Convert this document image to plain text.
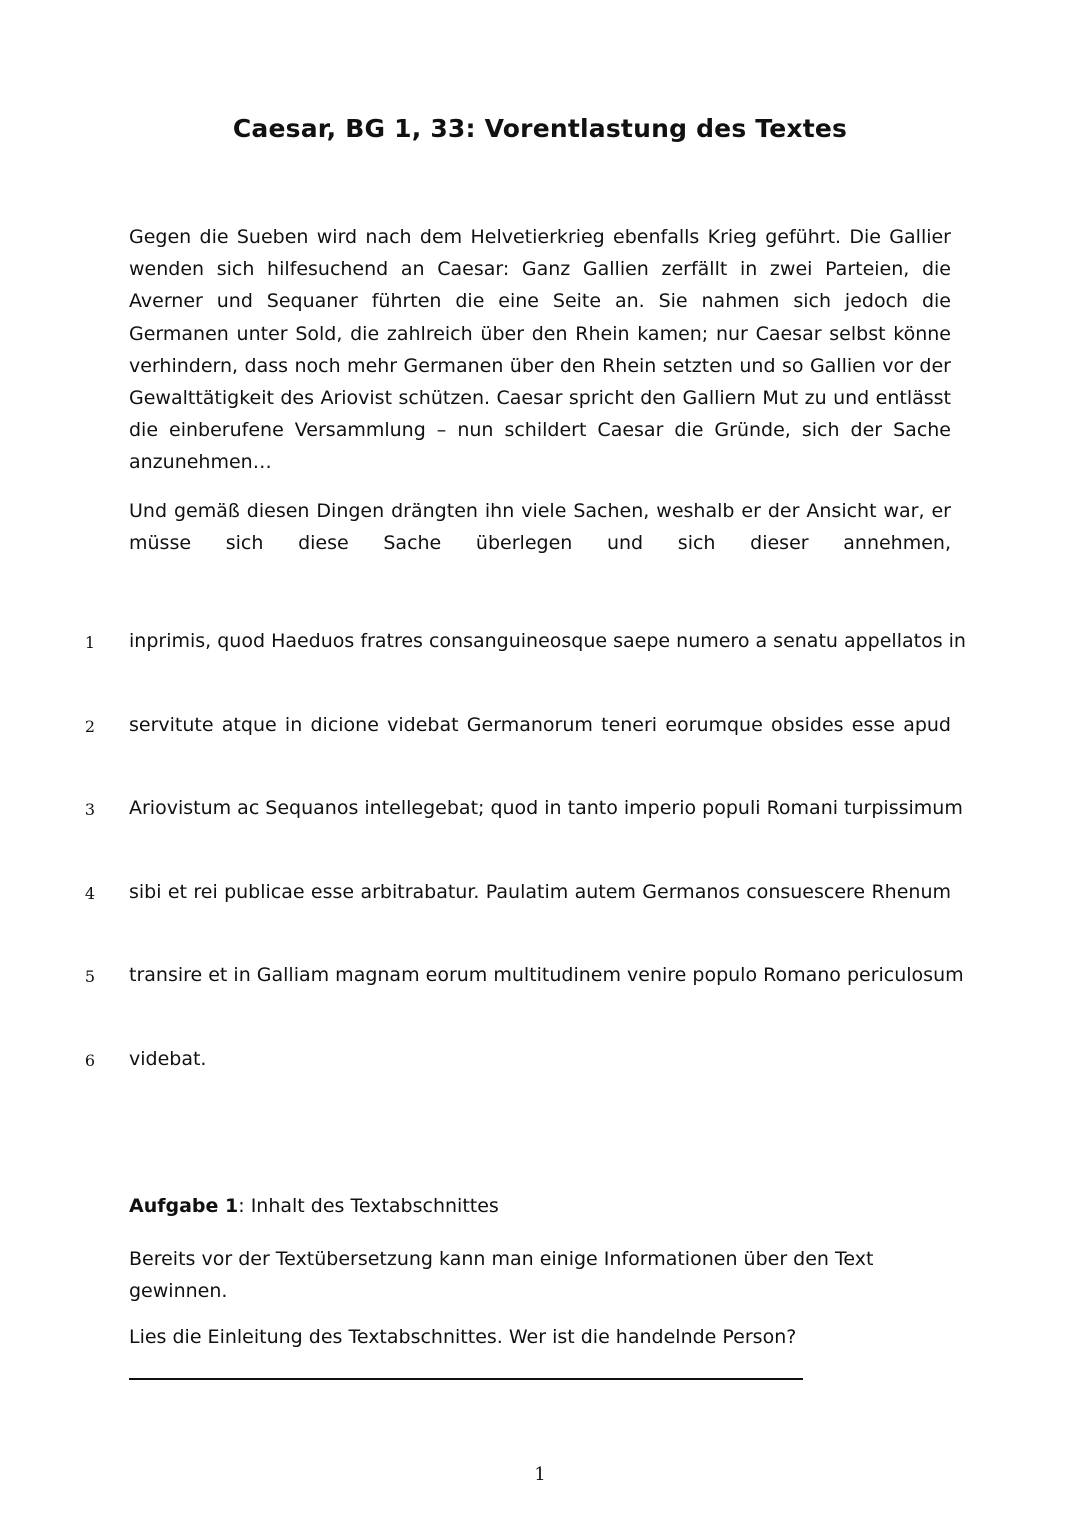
Caesar, BG 1, 33: Vorentlastung des Textes
Gegen die Sueben wird nach dem Helvetierkrieg ebenfalls Krieg geführt. Die Gallier wenden sich hilfesuchend an Caesar: Ganz Gallien zerfällt in zwei Parteien, die Averner und Sequaner führten die eine Seite an. Sie nahmen sich jedoch die Germanen unter Sold, die zahlreich über den Rhein kamen; nur Caesar selbst könne verhindern, dass noch mehr Germanen über den Rhein setzten und so Gallien vor der Gewalttätigkeit des Ariovist schützen. Caesar spricht den Galliern Mut zu und entlässt die einberufene Versammlung – nun schildert Caesar die Gründe, sich der Sache anzunehmen…
Und gemäß diesen Dingen drängten ihn viele Sachen, weshalb er der Ansicht war, er müsse sich diese Sache überlegen und sich dieser annehmen,
1 inprimis, quod Haeduos fratres consanguineosque saepe numero a senatu appellatos in
2 servitute atque in dicione videbat Germanorum teneri eorumque obsides esse apud
3 Ariovistum ac Sequanos intellegebat; quod in tanto imperio populi Romani turpissimum
4 sibi et rei publicae esse arbitrabatur. Paulatim autem Germanos consuescere Rhenum
5 transire et in Galliam magnam eorum multitudinem venire populo Romano periculosum
6 videbat.
Aufgabe 1: Inhalt des Textabschnittes
Bereits vor der Textübersetzung kann man einige Informationen über den Text gewinnen.
Lies die Einleitung des Textabschnittes. Wer ist die handelnde Person?
1
